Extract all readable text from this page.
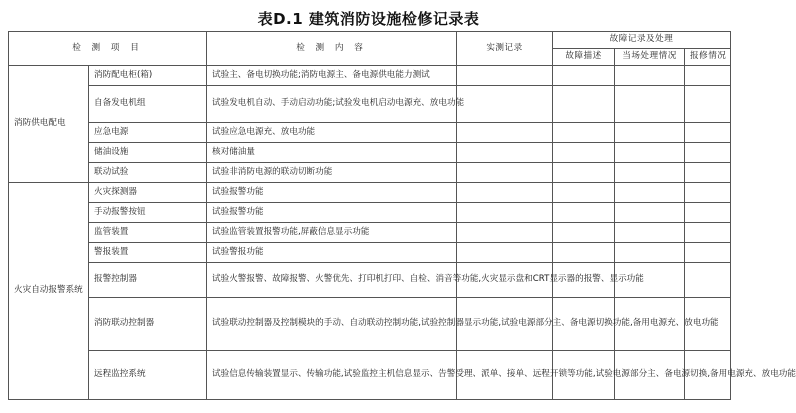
表D.1 建筑消防设施检修记录表
检 测 项 目		检 测 内 容	实测记录	故障记录及处理		
				故障描述	当场处理情况	报修情况

消防供电配电	消防配电柜(箱)	试验主、备电切换功能;消防电源主、备电源供电能力测试				

	自备发电机组	试验发电机自动、手动启动功能;试验发电机启动电源充、放电功能				

	应急电源	试验应急电源充、放电功能				

	储油设施	核对储油量				

	联动试验	试验非消防电源的联动切断功能				

火灾自动报警系统	火灾探测器	试验报警功能				

	手动报警按钮	试验报警功能				

	监管装置	试验监管装置报警功能,屏蔽信息显示功能				

	警报装置	试验警报功能				

	报警控制器	试验火警报警、故障报警、火警优先、打印机打印、自检、消音等功能,火灾显示盘和CRT显示器的报警、显示功能				

	消防联动控制器	试验联动控制器及控制模块的手动、自动联动控制功能,试验控制器显示功能,试验电源部分主、备电源切换功能,备用电源充、放电功能				

	远程监控系统	试验信息传输装置显示、传输功能,试验监控主机信息显示、告警受理、派单、接单、远程开锁等功能,试验电源部分主、备电源切换,备用电源充、放电功能				
